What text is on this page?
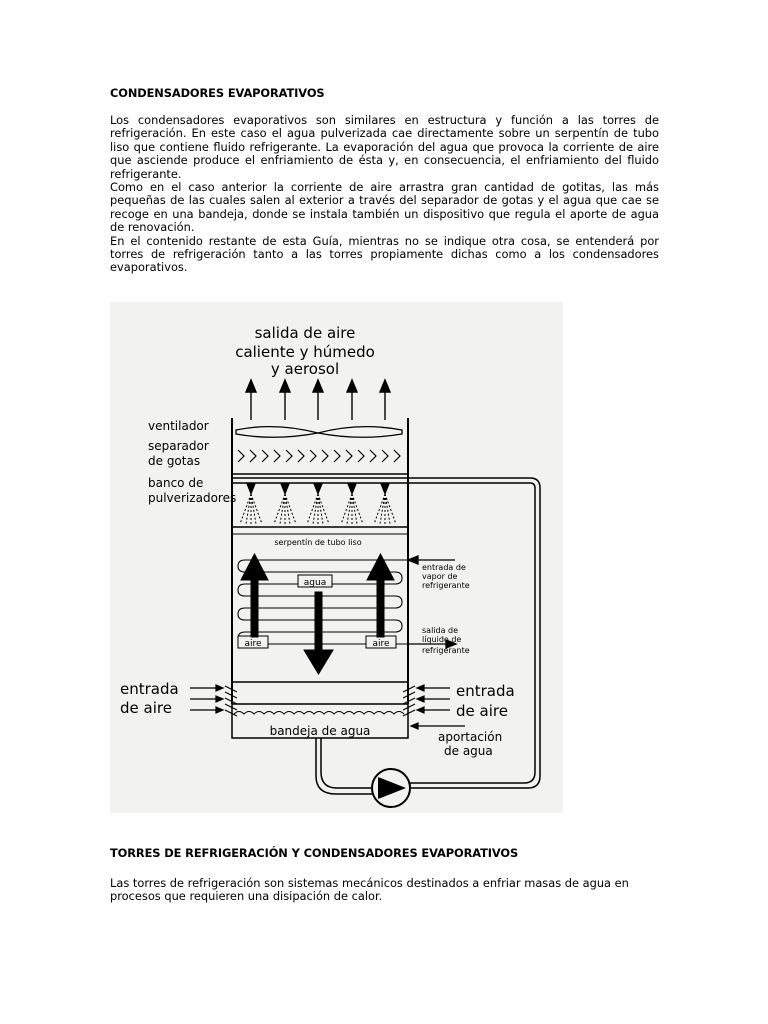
CONDENSADORES EVAPORATIVOS

Los condensadores evaporativos son similares en estructura y función a las torres de refrigeración. En este caso el agua pulverizada cae directamente sobre un serpentín de tubo liso que contiene fluido refrigerante. La evaporación del agua que provoca la corriente de aire que asciende produce el enfriamiento de ésta y, en consecuencia, el enfriamiento del fluido refrigerante.

Como en el caso anterior la corriente de aire arrastra gran cantidad de gotitas, las más pequeñas de las cuales salen al exterior a través del separador de gotas y el agua que cae se recoge en una bandeja, donde se instala también un dispositivo que regula el aporte de agua de renovación.

En el contenido restante de esta Guía, mientras no se indique otra cosa, se entenderá por torres de refrigeración tanto a las torres propiamente dichas como a los condensadores evaporativos.

salida de aire
caliente y húmedo
y aerosol
serpentín de tubo liso
agua
aire	aire
entrada de
vapor de
refrigerante
salida de
líquido de
refrigerante
ventilador
separador
de gotas
banco de
pulverizadores
entrada
de aire
entrada
de aire
bandeja de agua	aportación
de agua
TORRES DE REFRIGERACIÓN Y CONDENSADORES EVAPORATIVOS

Las torres de refrigeración son sistemas mecánicos destinados a enfriar masas de agua en procesos que requieren una disipación de calor.
